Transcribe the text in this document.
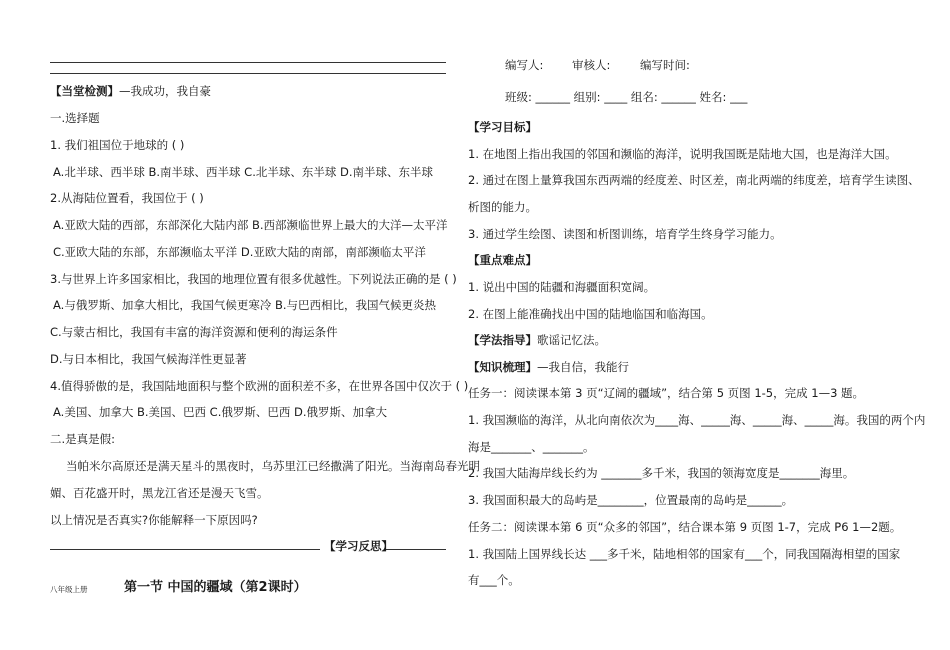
【当堂检测】—我成功，我自豪
一.选择题
1. 我们祖国位于地球的 ( )
A.北半球、西半球 B.南半球、西半球 C.北半球、东半球 D.南半球、东半球
2.从海陆位置看，我国位于 ( )
A.亚欧大陆的西部，东部深化大陆内部 B.西部濒临世界上最大的大洋—太平洋
C.亚欧大陆的东部，东部濒临太平洋 D.亚欧大陆的南部，南部濒临太平洋
3.与世界上许多国家相比，我国的地理位置有很多优越性。下列说法正确的是 ( )
A.与俄罗斯、加拿大相比，我国气候更寒冷 B.与巴西相比，我国气候更炎热
C.与蒙古相比，我国有丰富的海洋资源和便利的海运条件
D.与日本相比，我国气候海洋性更显著
4.值得骄傲的是，我国陆地面积与整个欧洲的面积差不多，在世界各国中仅次于 ( )
A.美国、加拿大 B.美国、巴西 C.俄罗斯、巴西 D.俄罗斯、加拿大
二.是真是假:
当帕米尔高原还是满天星斗的黑夜时，乌苏里江已经撒满了阳光。当海南岛春光明
媚、百花盛开时，黑龙江省还是漫天飞雪。
以上情况是否真实?你能解释一下原因吗?
【学习反思】
八年级上册	第一节 中国的疆域（第2课时）
编写人: 审核人:	编写时间:
班级: ______ 组别: ____ 组名: ______ 姓名: ___
【学习目标】
1. 在地图上指出我国的邻国和濒临的海洋，说明我国既是陆地大国，也是海洋大国。
2. 通过在图上量算我国东西两端的经度差、时区差，南北两端的纬度差，培育学生读图、
析图的能力。
3. 通过学生绘图、读图和析图训练，培育学生终身学习能力。
【重点难点】
1. 说出中国的陆疆和海疆面积宽阔。
2. 在图上能准确找出中国的陆地临国和临海国。
【学法指导】歌谣记忆法。
【知识梳理】—我自信，我能行
任务一：阅读课本第 3 页“辽阔的疆域”，结合第 5 页图 1-5，完成 1—3 题。
1. 我国濒临的海洋，从北向南依次为____海、_____海、_____海、_____海。我国的两个内
海是_______、_______。
2. 我国大陆海岸线长约为 _______多千米，我国的领海宽度是_______海里。
3. 我国面积最大的岛屿是________，位置最南的岛屿是______。
任务二：阅读课本第 6 页“众多的邻国”，结合课本第 9 页图 1-7，完成 P6 1—2题。
1. 我国陆上国界线长达 ___多千米，陆地相邻的国家有___个，同我国隔海相望的国家
有___个。
